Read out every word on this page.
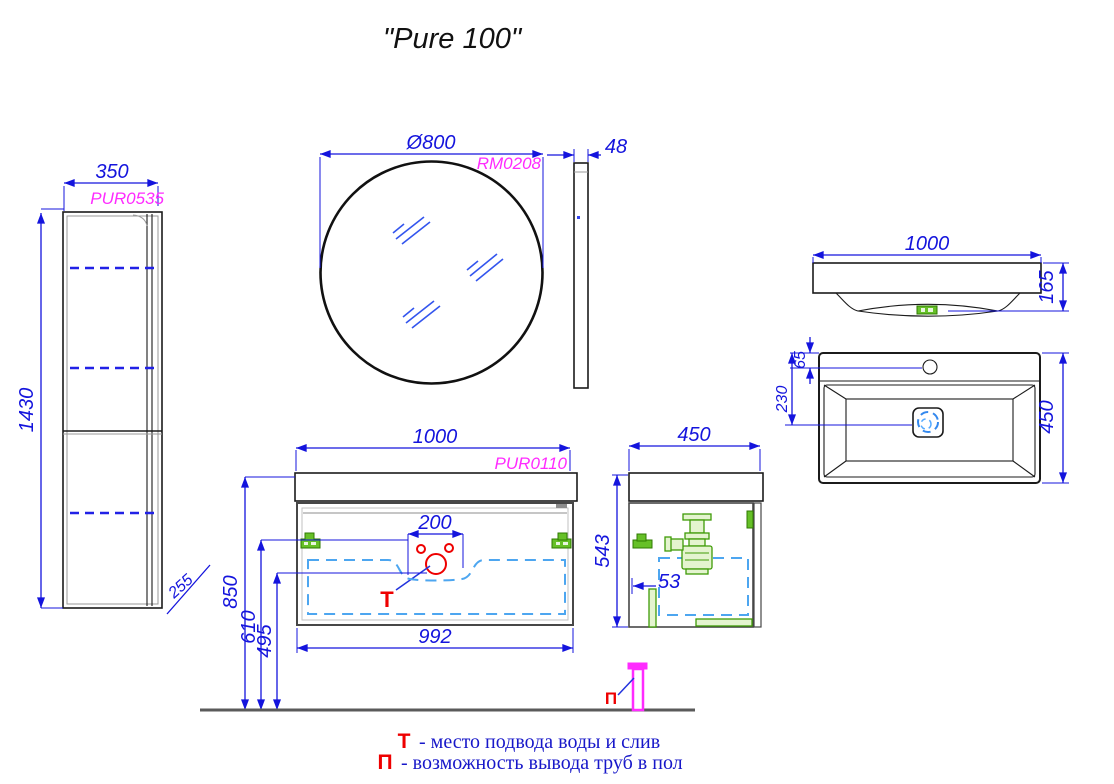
"Pure 100"
350
PUR0535
1430
255
Ø800
RM0208
48
1000
165
65
230
450
Т
200
992
1000
PUR0110
850
610
495
450
543
53
П
Т - место подвода воды и слив
П - возможность вывода труб в пол
